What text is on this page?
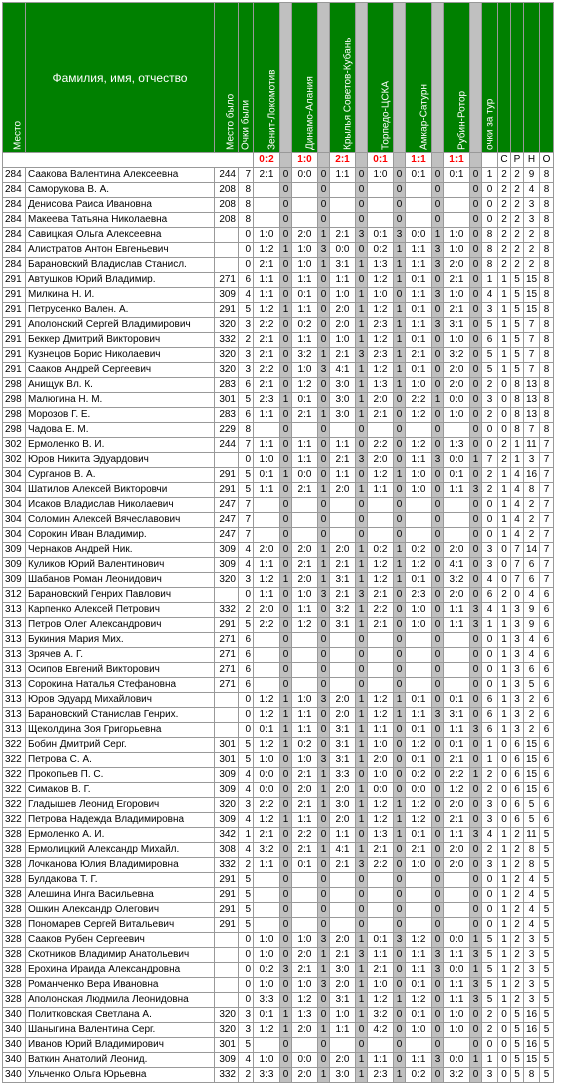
Место	Фамилия, имя, отчество	Место было	Очки были	Зенит-Локомотив		Динамо-Алания		Крылья Советов-Кубань		Торпедо-ЦСКА		Амкар-Сатурн		Рубин-Ротор		очки за тур				
				0:2		1:0		2:1		0:1		1:1		1:1			С	Р	Н	О
284	Саакова Валентина Алексеевна	244	7	2:1	0	0:0	0	1:1	0	1:0	0	0:1	0	0:1	0	1	2	2	9	8
284	Саморукова В. А.	208	8		0		0		0		0		0		0	0	2	2	4	8
284	Денисова Раиса Ивановна	208	8		0		0		0		0		0		0	0	2	2	3	8
284	Макеева Татьяна Николаевна	208	8		0		0		0		0		0		0	0	2	2	3	8
284	Савицкая Ольга Алексеевна		0	1:0	0	2:0	1	2:1	3	0:1	3	0:0	1	1:0	0	8	2	2	2	8
284	Алистратов Антон Евгеньевич		0	1:2	1	1:0	3	0:0	0	0:2	1	1:1	3	1:0	0	8	2	2	2	8
284	Барановский Владислав Станисл.		0	2:1	0	1:0	1	3:1	1	1:3	1	1:1	3	2:0	0	8	2	2	2	8
291	Автушков Юрий Владимир.	271	6	1:1	0	1:1	0	1:1	0	1:2	1	0:1	0	2:1	0	1	1	5	15	8
291	Милкина Н. И.	309	4	1:1	0	0:1	0	1:0	1	1:0	0	1:1	3	1:0	0	4	1	5	15	8
291	Петрусенко Вален. А.	291	5	1:2	1	1:1	0	2:0	1	1:2	1	0:1	0	2:1	0	3	1	5	15	8
291	Аполонский Сергей Владимирович	320	3	2:2	0	0:2	0	2:0	1	2:3	1	1:1	3	3:1	0	5	1	5	7	8
291	Беккер Дмитрий Викторович	332	2	2:1	0	1:1	0	1:0	1	1:2	1	0:1	0	1:0	0	6	1	5	7	8
291	Кузнецов Борис Николаевич	320	3	2:1	0	3:2	1	2:1	3	2:3	1	2:1	0	3:2	0	5	1	5	7	8
291	Сааков Андрей Сергеевич	320	3	2:2	0	1:0	3	4:1	1	1:2	1	0:1	0	2:0	0	5	1	5	7	8
298	Анищук Вл. К.	283	6	2:1	0	1:2	0	3:0	1	1:3	1	1:0	0	2:0	0	2	0	8	13	8
298	Малюгина Н. М.	301	5	2:3	1	0:1	0	3:0	1	2:0	0	2:2	1	0:0	0	3	0	8	13	8
298	Морозов Г. Е.	283	6	1:1	0	2:1	1	3:0	1	2:1	0	1:2	0	1:0	0	2	0	8	13	8
298	Чадова Е. М.	229	8		0		0		0		0		0		0	0	0	8	7	8
302	Ермоленко В. И.	244	7	1:1	0	1:1	0	1:1	0	2:2	0	1:2	0	1:3	0	0	2	1	11	7
302	Юров Никита Эдуардович		0	1:0	0	1:1	0	2:1	3	2:0	0	1:1	3	0:0	1	7	2	1	3	7
304	Сурганов В. А.	291	5	0:1	1	0:0	0	1:1	0	1:2	1	1:0	0	0:1	0	2	1	4	16	7
304	Шатилов Алексей Викторовчи	291	5	1:1	0	2:1	1	2:0	1	1:1	0	1:0	0	1:1	3	2	1	4	8	7
304	Исаков Владислав Николаевич	247	7		0		0		0		0		0		0	0	1	4	2	7
304	Соломин Алексей Вячеславович	247	7		0		0		0		0		0		0	0	1	4	2	7
304	Сорокин Иван Владимир.	247	7		0		0		0		0		0		0	0	1	4	2	7
309	Чернаков Андрей Ник.	309	4	2:0	0	2:0	1	2:0	1	0:2	1	0:2	0	2:0	0	3	0	7	14	7
309	Куликов Юрий Валентинович	309	4	1:1	0	2:1	1	2:1	1	1:2	1	1:2	0	4:1	0	3	0	7	6	7
309	Шабанов Роман Леонидович	320	3	1:2	1	2:0	1	3:1	1	1:2	1	0:1	0	3:2	0	4	0	7	6	7
312	Барановский Генрих Павлович		0	1:1	0	1:0	3	2:1	3	2:1	0	2:3	0	2:0	0	6	2	0	4	6
313	Карпенко Алексей Петрович	332	2	2:0	0	1:1	0	3:2	1	2:2	0	1:0	0	1:1	3	4	1	3	9	6
313	Петров Олег Александрович	291	5	2:2	0	1:2	0	3:1	1	2:1	0	1:0	0	1:1	3	1	1	3	9	6
313	Букиния Мария Мих.	271	6		0		0		0		0		0		0	0	1	3	4	6
313	Зрячев А. Г.	271	6		0		0		0		0		0		0	0	1	3	4	6
313	Осипов Евгений Викторович	271	6		0		0		0		0		0		0	0	1	3	6	6
313	Сорокина Наталья Стефановна	271	6		0		0		0		0		0		0	0	1	3	5	6
313	Юров Эдуард Михайлович		0	1:2	1	1:0	3	2:0	1	1:2	1	0:1	0	0:1	0	6	1	3	2	6
313	Барановский Станислав Генрих.		0	1:2	1	1:1	0	2:0	1	1:2	1	1:1	3	3:1	0	6	1	3	2	6
313	Щеколдина Зоя Григорьевна		0	0:1	1	1:1	0	3:1	1	1:1	0	0:1	0	1:1	3	6	1	3	2	6
322	Бобин Дмитрий Серг.	301	5	1:2	1	0:2	0	3:1	1	1:0	0	1:2	0	0:1	0	1	0	6	15	6
322	Петрова С. А.	301	5	1:0	0	1:0	3	3:1	1	2:0	0	0:1	0	2:1	0	1	0	6	15	6
322	Прокопьев П. С.	309	4	0:0	0	2:1	1	3:3	0	1:0	0	0:2	0	2:2	1	2	0	6	15	6
322	Симаков В. Г.	309	4	0:0	0	2:0	1	2:0	1	0:0	0	0:0	0	1:2	0	2	0	6	15	6
322	Гладышев Леонид Егорович	320	3	2:2	0	2:1	1	3:0	1	1:2	1	1:2	0	2:0	0	3	0	6	5	6
322	Петрова Надежда Владимировна	309	4	1:2	1	1:1	0	2:0	1	1:2	1	1:2	0	2:1	0	3	0	6	5	6
328	Ермоленко А. И.	342	1	2:1	0	2:2	0	1:1	0	1:3	1	0:1	0	1:1	3	4	1	2	11	5
328	Ермолицкий Александр Михайл.	308	4	3:2	0	2:1	1	4:1	1	2:1	0	2:1	0	2:0	0	2	1	2	8	5
328	Лочканова Юлия Владимировна	332	2	1:1	0	0:1	0	2:1	3	2:2	0	1:0	0	2:0	0	3	1	2	8	5
328	Булдакова Т. Г.	291	5		0		0		0		0		0		0	0	1	2	4	5
328	Алешина Инга Васильевна	291	5		0		0		0		0		0		0	0	1	2	4	5
328	Ошкин Александр Олегович	291	5		0		0		0		0		0		0	0	1	2	4	5
328	Пономарев Сергей Витальевич	291	5		0		0		0		0		0		0	0	1	2	4	5
328	Сааков Рубен Сергеевич		0	1:0	0	1:0	3	2:0	1	0:1	3	1:2	0	0:0	1	5	1	2	3	5
328	Скотников Владимир Анатольевич		0	1:0	0	2:0	1	2:1	3	1:1	0	1:1	3	1:1	3	5	1	2	3	5
328	Ерохина Ираида Александровна		0	0:2	3	2:1	1	3:0	1	2:1	0	1:1	3	0:0	1	5	1	2	3	5
328	Романченко Вера Ивановна		0	1:0	0	1:0	3	2:0	1	1:0	0	0:1	0	1:1	3	5	1	2	3	5
328	Аполонская Людмила Леонидовна		0	3:3	0	1:2	0	3:1	1	1:2	1	1:2	0	1:1	3	5	1	2	3	5
340	Политковская Светлана А.	320	3	0:1	1	1:3	0	1:0	1	3:2	0	0:1	0	1:0	0	2	0	5	16	5
340	Шаныгина Валентина Серг.	320	3	1:2	1	2:0	1	1:1	0	4:2	0	1:0	0	1:0	0	2	0	5	16	5
340	Иванов Юрий Владимирович	301	5		0		0		0		0		0		0	0	0	5	16	5
340	Ваткин Анатолий Леонид.	309	4	1:0	0	0:0	0	2:0	1	1:1	0	1:1	3	0:0	1	1	0	5	15	5
340	Ульченко Ольга Юрьевна	332	2	3:3	0	2:0	1	3:0	1	2:3	1	0:2	0	3:2	0	3	0	5	8	5
